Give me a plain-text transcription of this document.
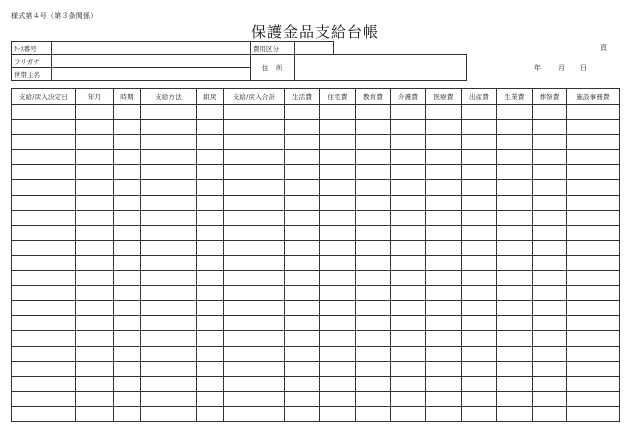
様式第４号（第３条関係）
保護金品支給台帳
頁
年 月 日
ｹｰｽ番号		費用区分		
フリガナ		住　所		
世帯主名				
支給/戻入決定日	年月	時期	支給方法	組戻	支給/戻入合計	生活費	住宅費	教育費	介護費	医療費	出産費	生業費	葬祭費	施設事務費
